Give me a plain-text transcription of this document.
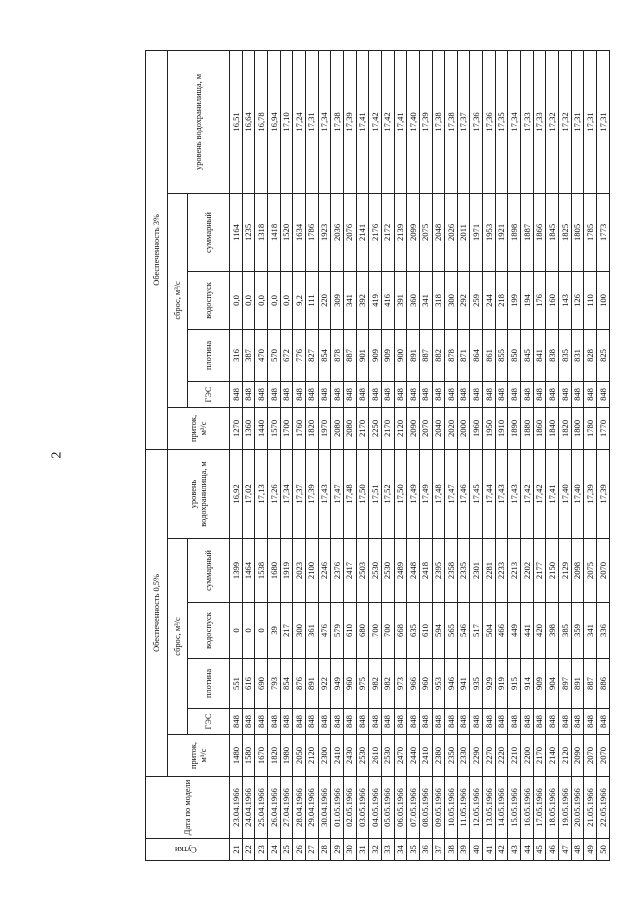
2
Сутки	Дата по модели	Обеспеченность 0,5%						Обеспеченность 3%					
		приток, м³/с	сброс, м³/с				уровень водохранилища, м	приток, м³/с	сброс, м³/с				уровень водохранилища, м
			ГЭС	плотина	водоспуск	суммарный			ГЭС	плотина	водоспуск	суммарный	
21	23.04.1966	1480	848	551	0	1399	16,92	1270	848	316	0,0	1164	16,51
22	24.04.1966	1580	848	616	0	1464	17,02	1360	848	387	0,0	1235	16,64
23	25.04.1966	1670	848	690	0	1538	17,13	1440	848	470	0,0	1318	16,78
24	26.04.1966	1820	848	793	39	1680	17,26	1570	848	570	0,0	1418	16,94
25	27.04.1966	1980	848	854	217	1919	17,34	1700	848	672	0,0	1520	17,10
26	28.04.1966	2050	848	876	300	2023	17,37	1760	848	776	9,2	1634	17,24
27	29.04.1966	2120	848	891	361	2100	17,39	1820	848	827	111	1786	17,31
28	30.04.1966	2300	848	922	476	2246	17,43	1970	848	854	220	1923	17,34
29	01.05.1966	2410	848	949	579	2376	17,47	2080	848	878	309	2036	17,38
30	02.05.1966	2430	848	960	610	2417	17,48	2080	848	887	341	2076	17,39
31	03.05.1966	2530	848	975	680	2503	17,50	2170	848	901	392	2141	17,41
32	04.05.1966	2610	848	982	700	2530	17,51	2250	848	909	419	2176	17,42
33	05.05.1966	2530	848	982	700	2530	17,52	2170	848	909	416	2172	17,42
34	06.05.1966	2470	848	973	668	2489	17,50	2120	848	900	391	2139	17,41
35	07.05.1966	2440	848	966	635	2448	17,49	2090	848	891	360	2099	17,40
36	08.05.1966	2410	848	960	610	2418	17,49	2070	848	887	341	2075	17,39
37	09.05.1966	2380	848	953	594	2395	17,48	2040	848	882	318	2048	17,38
38	10.05.1966	2350	848	946	565	2358	17,47	2020	848	878	300	2026	17,38
39	11.05.1966	2330	848	941	546	2335	17,46	2000	848	871	292	2011	17,37
40	12.05.1966	2290	848	935	517	2301	17,45	1960	848	864	259	1971	17,36
41	13.05.1966	2270	848	929	504	2281	17,44	1950	848	861	244	1953	17,36
42	14.05.1966	2220	848	919	466	2233	17,43	1910	848	855	218	1921	17,35
43	15.05.1966	2210	848	915	449	2213	17,43	1890	848	850	199	1898	17,34
44	16.05.1966	2200	848	914	441	2202	17,42	1880	848	845	194	1887	17,33
45	17.05.1966	2170	848	909	420	2177	17,42	1860	848	841	176	1866	17,33
46	18.05.1966	2140	848	904	398	2150	17,41	1840	848	838	160	1845	17,32
47	19.05.1966	2120	848	897	385	2129	17,40	1820	848	835	143	1825	17,32
48	20.05.1966	2090	848	891	359	2098	17,40	1800	848	831	126	1805	17,31
49	21.05.1966	2070	848	887	341	2075	17,39	1780	848	828	110	1785	17,31
50	22.05.1966	2070	848	886	336	2070	17,39	1770	848	825	100	1773	17,31
